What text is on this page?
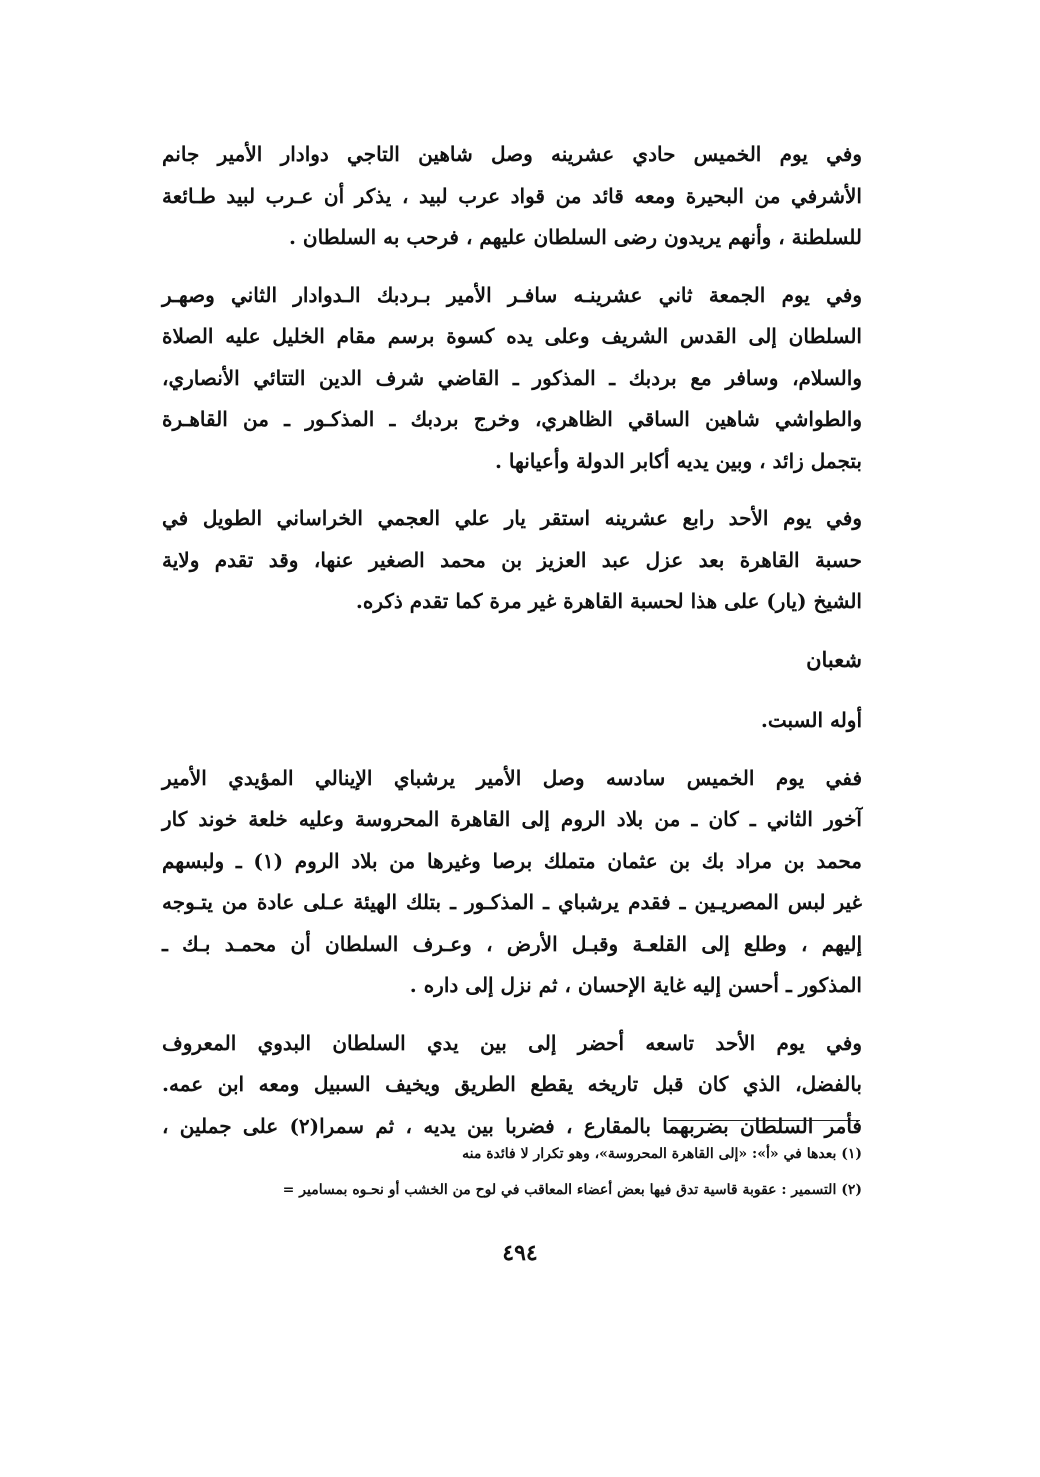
وفي يوم الخميس حادي عشرينه وصل شاهين التاجي دوادار الأمير جانم
الأشرفي من البحيرة ومعه قائد من قواد عرب لبيد ، يذكر أن عـرب لبيد طـائعة
للسلطنة ، وأنهم يريدون رضى السلطان عليهم ، فرحب به السلطان .

وفي يوم الجمعة ثاني عشرينـه سافـر الأمير بـردبك الـدوادار الثاني وصهـر
السلطان إلى القدس الشريف وعلى يده كسوة برسم مقام الخليل عليه الصلاة
والسلام، وسافر مع بردبك ـ المذكور ـ القاضي شرف الدين التتائي الأنصاري،
والطواشي شاهين الساقي الظاهري، وخرج بردبك ـ المذكـور ـ من القاهـرة
بتجمل زائد ، وبين يديه أكابر الدولة وأعيانها .

وفي يوم الأحد رابع عشرينه استقر يار علي العجمي الخراساني الطويل في
حسبة القاهرة بعد عزل عبد العزيز بن محمد الصغير عنها، وقد تقدم ولاية
الشيخ (يار) على هذا لحسبة القاهرة غير مرة كما تقدم ذكره.

شعبان

أوله السبت.

ففي يوم الخميس سادسه وصل الأمير يرشباي الإينالي المؤيدي الأمير
آخور الثاني ـ كان ـ من بلاد الروم إلى القاهرة المحروسة وعليه خلعة خوند كار
محمد بن مراد بك بن عثمان متملك برصا وغيرها من بلاد الروم (١) ـ ولبسهم
غير لبس المصريـين ـ فقدم يرشباي ـ المذكـور ـ بتلك الهيئة عـلى عادة من يتـوجه
إليهم ، وطلع إلى القلعـة وقبـل الأرض ، وعـرف السلطان أن محمـد بـك ـ
المذكور ـ أحسن إليه غاية الإحسان ، ثم نزل إلى داره .

وفي يوم الأحد تاسعه أحضر إلى بين يدي السلطان البدوي المعروف
بالفضل، الذي كان قبل تاريخه يقطع الطريق ويخيف السبيل ومعه ابن عمه.
فأمر السلطان بضربهما بالمقارع ، فضربا بين يديه ، ثم سمرا(٢) على جملين ،

(١) بعدها في «أ»: «إلى القاهرة المحروسة»، وهو تكرار لا فائدة منه
(٢) التسمير : عقوبة قاسية تدق فيها بعض أعضاء المعاقب في لوح من الخشب أو نحـوه بمسامير =
٤٩٤
